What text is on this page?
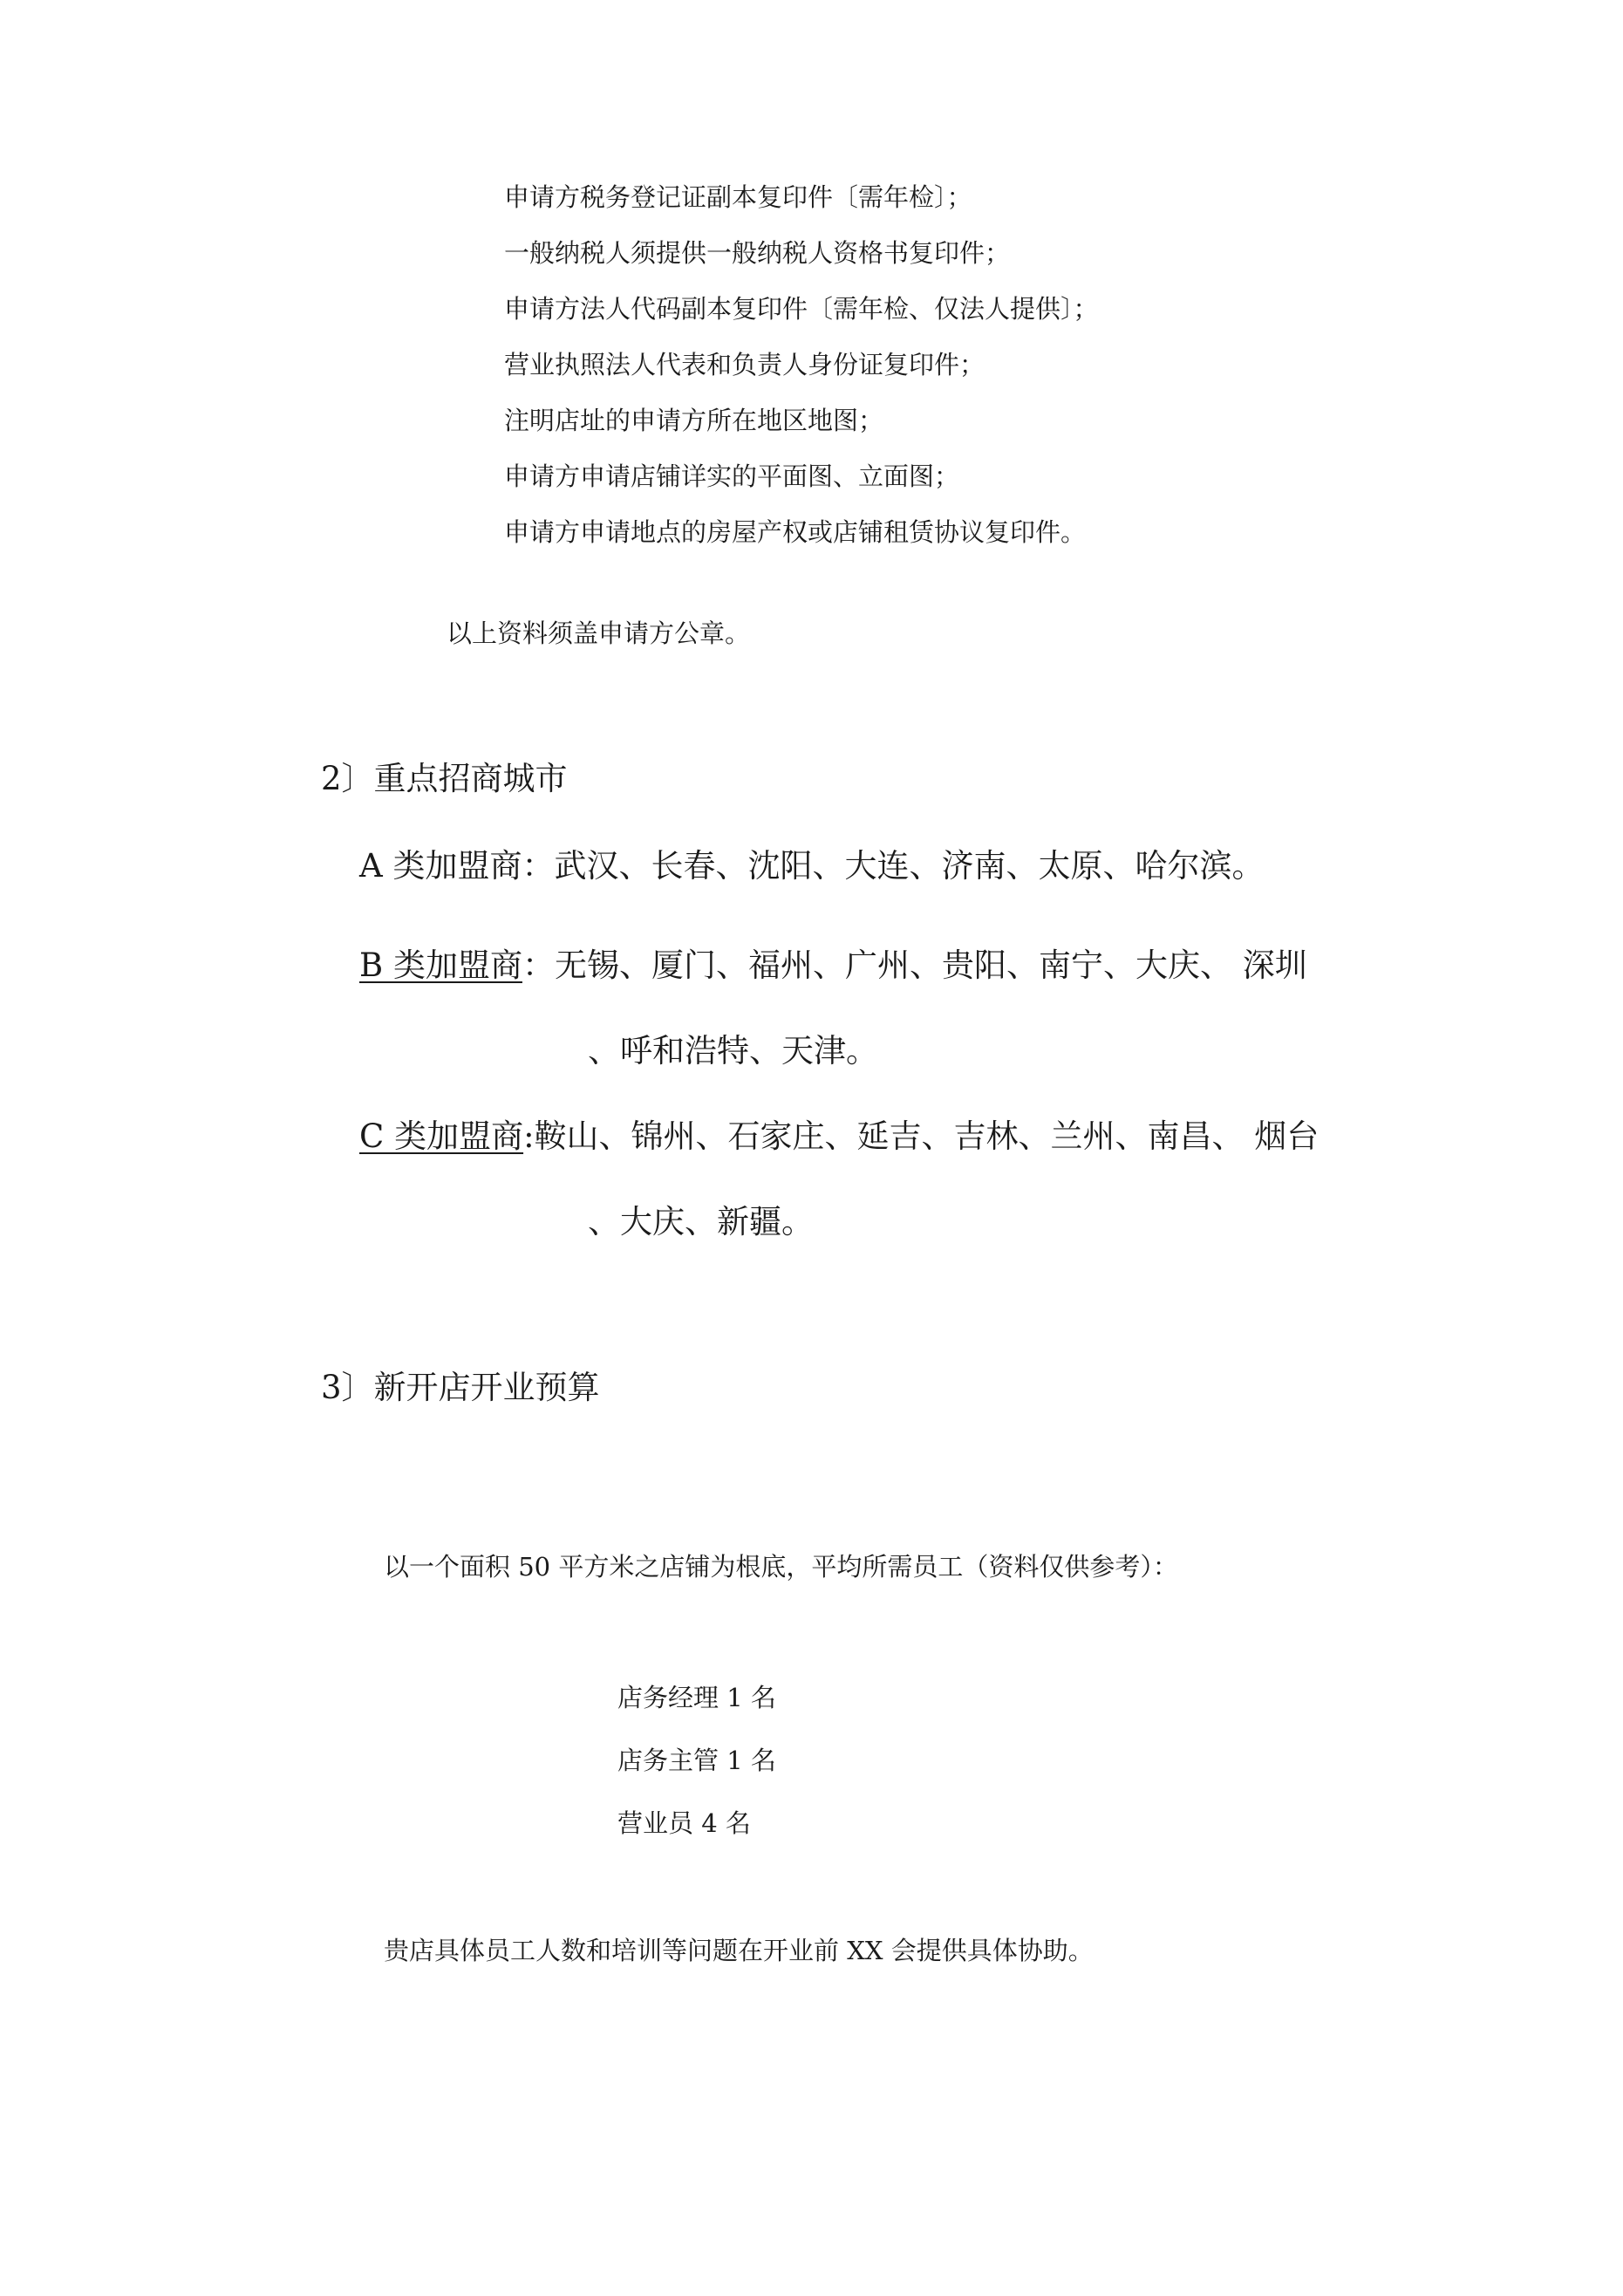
申请方税务登记证副本复印件〔需年检〕；
一般纳税人须提供一般纳税人资格书复印件；
申请方法人代码副本复印件〔需年检、仅法人提供〕；
营业执照法人代表和负责人身份证复印件；
注明店址的申请方所在地区地图；
申请方申请店铺详实的平面图、立面图；
申请方申请地点的房屋产权或店铺租赁协议复印件。
以上资料须盖申请方公章。
2〕重点招商城市
A 类加盟商：武汉、长春、沈阳、大连、济南、太原、哈尔滨。
B 类加盟商：无锡、厦门、福州、广州、贵阳、南宁、大庆、 深圳
、呼和浩特、天津。
C 类加盟商:鞍山、锦州、石家庄、延吉、吉林、兰州、南昌、 烟台
、大庆、新疆。
3〕新开店开业预算
以一个面积 50 平方米之店铺为根底，平均所需员工（资料仅供参考）：
店务经理 1 名
店务主管 1 名
营业员 4 名
贵店具体员工人数和培训等问题在开业前 XX 会提供具体协助。
